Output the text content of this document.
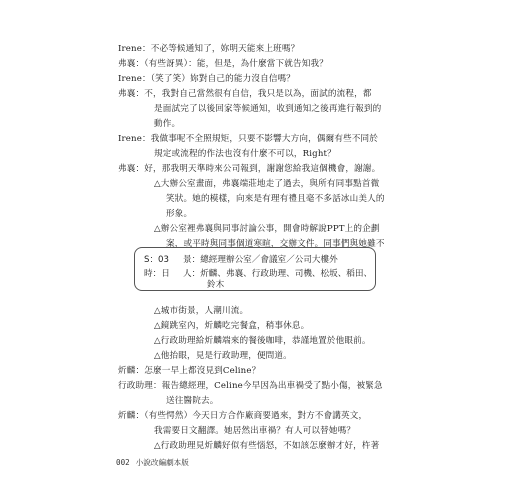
Irene：不必等候通知了，妳明天能來上班嗎？
弗襄：（有些訝異）：能，但是，為什麼當下就告知我？
Irene：（笑了笑）妳對自己的能力沒自信嗎？
弗襄：不，我對自己當然很有自信，我只是以為，面試的流程，都
是面試完了以後回家等候通知，收到通知之後再進行報到的
動作。
Irene：我做事呢不全照規矩，只要不影響大方向，偶爾有些不同於
規定或流程的作法也沒有什麼不可以，Right？
弗襄：好，那我明天準時來公司報到，謝謝您給我這個機會，謝謝。
△大辦公室畫面，弗襄端莊地走了過去，與所有同事點首微
笑狀。她的模樣，向來是有理有禮且毫不多話冰山美人的
形象。
△辦公室裡弗襄與同事討論公事，開會時解說PPT上的企劃
案，或平時與同事個道寒暄，交辦文件。同事們與她雖不
S：03
時：日
景：總經理辦公室／會議室／公司大樓外
人：炘麟、弗襄、行政助理、司機、松坂、稻田、
鈴木
△城市街景，人潮川流。
△鏡跳室內，炘麟吃完餐盒，稍事休息。
△行政助理給炘麟端來的餐後咖啡，恭謹地置於他眼前。
△他抬眼，見是行政助理，便問道。
炘麟：怎麼一早上都沒見到Celine？
行政助理：報告總經理，Celine今早因為出車禍受了點小傷，被緊急
送往醫院去。
炘麟：（有些愕然）今天日方合作廠商要過來，對方不會講英文，
我需要日文翻譯。她居然出車禍？有人可以替她嗎？
△行政助理見炘麟好似有些惱怒，不如該怎麼辦才好，杵著
002 小說改編劇本版
